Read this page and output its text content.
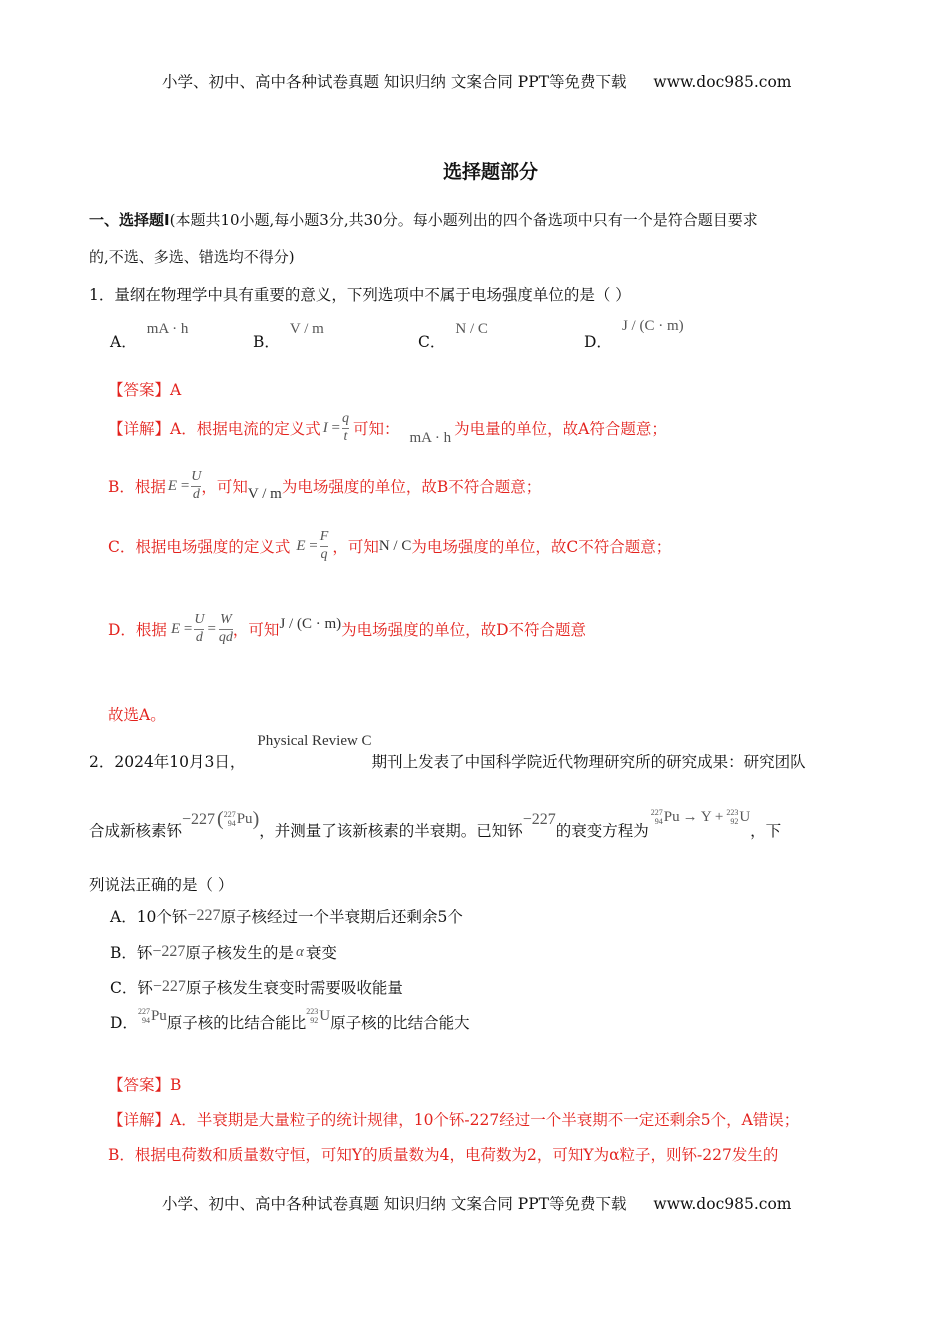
小学、初中、高中各种试卷真题 知识归纳 文案合同 PPT等免费下载 www.doc985.com
选择题部分
一、选择题Ⅰ(本题共10小题,每小题3分,共30分。每小题列出的四个备选项中只有一个是符合题目要求
的,不选、多选、错选均不得分)
1．量纲在物理学中具有重要的意义，下列选项中不属于电场强度单位的是（ ）
A．mA · h
B．V / m
C．N / C
D．J / (C · m)
【答案】A
【详解】 A．根据电流的定义式 $I = \frac{q}{t}$ 可知： mA · h 为电量的单位，故A符合题意；
B．根据 $E = \frac{U}{d}$ ，可知 V / m 为电场强度的单位，故B不符合题意；
C．根据电场强度的定义式 $E = \frac{F}{q}$ ，可知 N / C 为电场强度的单位，故C不符合题意；
D．根据 $E = \frac{U}{d} = \frac{W}{qd}$ ，可知 J / (C · m) 为电场强度的单位，故D不符合题意
故选A。
2．2024年10月3日，
Physical Review C
期刊上发表了中国科学院近代物理研究所的研究成果：研究团队
合成新核素钚
−227 ( 227
94 Pu )
，并测量了该新核素的半衰期。已知钚
−227
的衰变方程为
227
94 Pu → Y + 223
92 U
，下
列说法正确的是（ ）
A．10个钚 −227 原子核经过一个半衰期后还剩余5个
B．钚 −227 原子核发生的是 α 衰变
C．钚 −227 原子核发生衰变时需要吸收能量
D．
227
94 Pu 原子核的比结合能比
223
92 U 原子核的比结合能大
【答案】B
【详解】A．半衰期是大量粒子的统计规律，10个钚-227经过一个半衰期不一定还剩余5个，A错误；
B．根据电荷数和质量数守恒，可知Y的质量数为4，电荷数为2，可知Y为α粒子，则钚-227发生的
小学、初中、高中各种试卷真题 知识归纳 文案合同 PPT等免费下载 www.doc985.com
